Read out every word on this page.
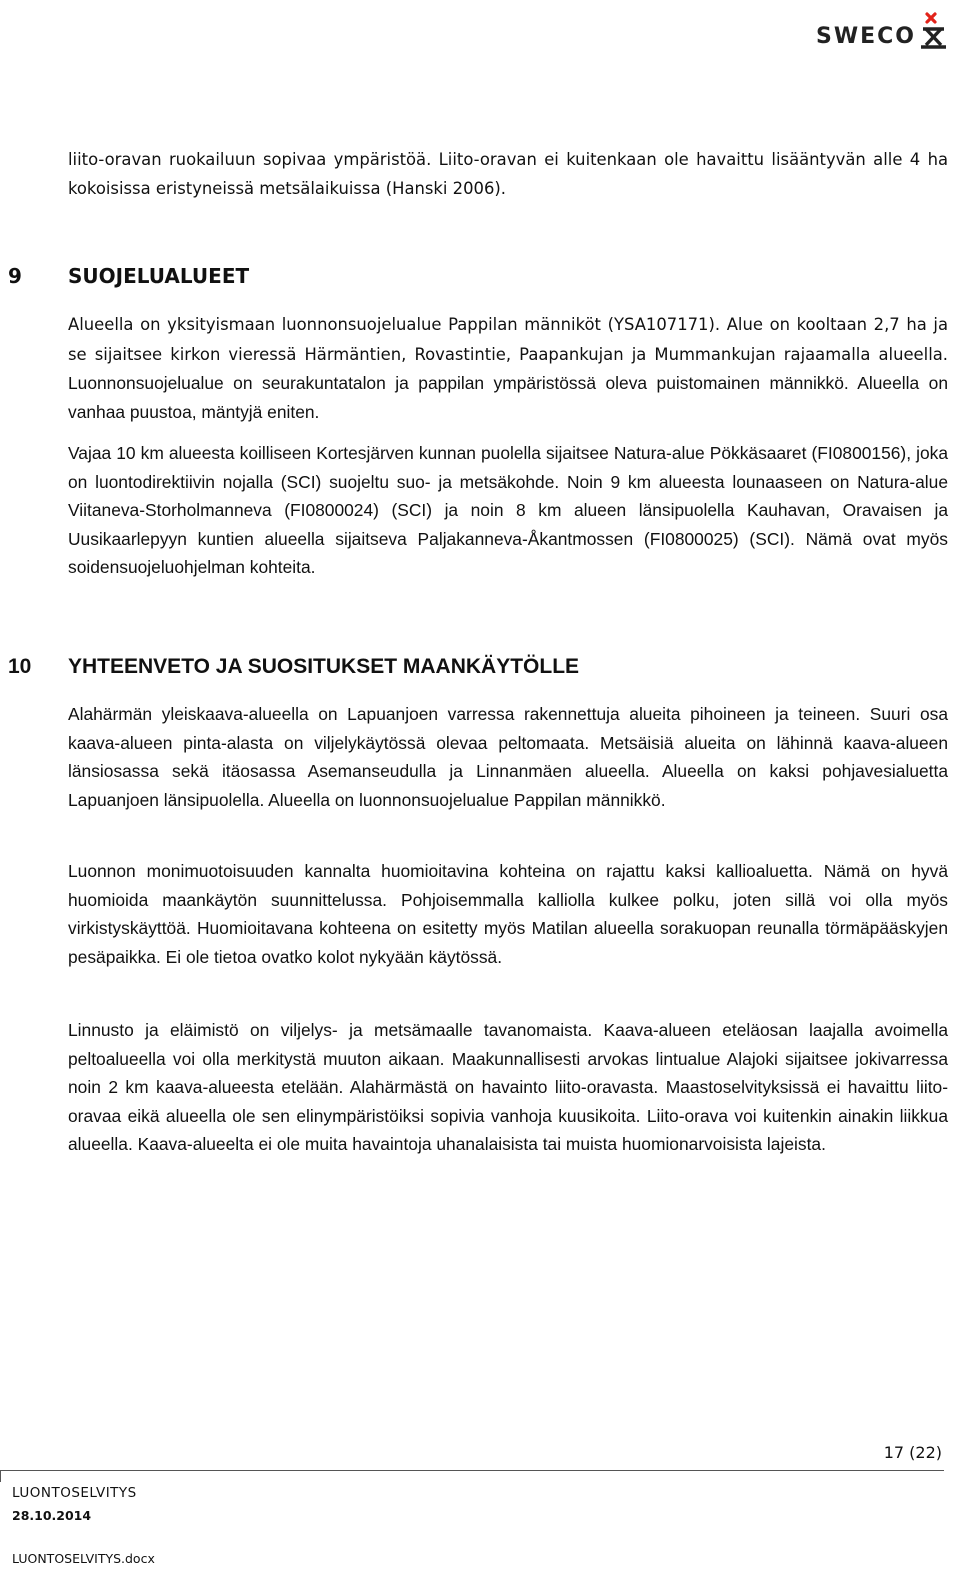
SWECO

liito-oravan ruokailuun sopivaa ympäristöä. Liito-oravan ei kuitenkaan ole havaittu lisääntyvän alle 4 ha kokoisissa eristyneissä metsälaikuissa (Hanski 2006).

9 SUOJELUALUEET

Alueella on yksityismaan luonnonsuojelualue Pappilan männiköt (YSA107171). Alue on kooltaan 2,7 ha ja se sijaitsee kirkon vieressä Härmäntien, Rovastintie, Paapankujan ja Mummankujan rajaamalla alueella. Luonnonsuojelualue on seurakuntatalon ja pappilan ympäristössä oleva puistomainen männikkö. Alueella on vanhaa puustoa, mäntyjä eniten.

Vajaa 10 km alueesta koilliseen Kortesjärven kunnan puolella sijaitsee Natura-alue Pökkäsaaret (FI0800156), joka on luontodirektiivin nojalla (SCI) suojeltu suo- ja metsäkohde. Noin 9 km alueesta lounaaseen on Natura-alue Viitaneva-Storholmanneva (FI0800024) (SCI) ja noin 8 km alueen länsipuolella Kauhavan, Oravaisen ja Uusikaarlepyyn kuntien alueella sijaitseva Paljakanneva-Åkantmossen (FI0800025) (SCI). Nämä ovat myös soidensuojeluohjelman kohteita.

10 YHTEENVETO JA SUOSITUKSET MAANKÄYTÖLLE

Alahärmän yleiskaava-alueella on Lapuanjoen varressa rakennettuja alueita pihoineen ja teineen. Suuri osa kaava-alueen pinta-alasta on viljelykäytössä olevaa peltomaata. Metsäisiä alueita on lähinnä kaava-alueen länsiosassa sekä itäosassa Asemanseudulla ja Linnanmäen alueella. Alueella on kaksi pohjavesialuetta Lapuanjoen länsipuolella. Alueella on luonnonsuojelualue Pappilan männikkö.

Luonnon monimuotoisuuden kannalta huomioitavina kohteina on rajattu kaksi kallioaluetta. Nämä on hyvä huomioida maankäytön suunnittelussa. Pohjoisemmalla kalliolla kulkee polku, joten sillä voi olla myös virkistyskäyttöä. Huomioitavana kohteena on esitetty myös Matilan alueella sorakuopan reunalla törmäpääskyjen pesäpaikka. Ei ole tietoa ovatko kolot nykyään käytössä.

Linnusto ja eläimistö on viljelys- ja metsämaalle tavanomaista. Kaava-alueen eteläosan laajalla avoimella peltoalueella voi olla merkitystä muuton aikaan. Maakunnallisesti arvokas lintualue Alajoki sijaitsee jokivarressa noin 2 km kaava-alueesta etelään. Alahärmästä on havainto liito-oravasta. Maastoselvityksissä ei havaittu liito-oravaa eikä alueella ole sen elinympäristöiksi sopivia vanhoja kuusikoita. Liito-orava voi kuitenkin ainakin liikkua alueella. Kaava-alueelta ei ole muita havaintoja uhanalaisista tai muista huomionarvoisista lajeista.

17 (22)

LUONTOSELVITYS

28.10.2014

LUONTOSELVITYS.docx
